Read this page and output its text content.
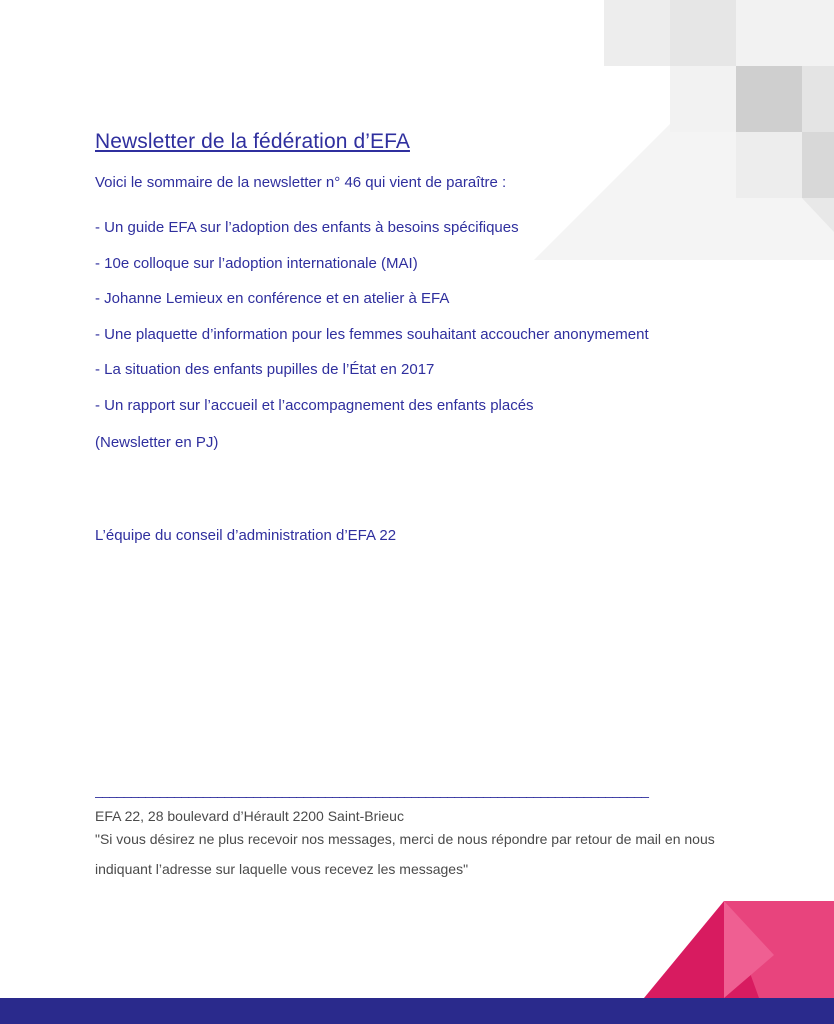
Newsletter de la fédération d’EFA
Voici le sommaire de la newsletter n° 46 qui vient de paraître :
- Un guide EFA sur l’adoption des enfants à besoins spécifiques
- 10e colloque sur l’adoption internationale (MAI)
- Johanne Lemieux en conférence et en atelier à EFA
- Une plaquette d’information pour les femmes souhaitant accoucher anonymement
- La situation des enfants pupilles de l’État en 2017
- Un rapport sur l’accueil et l’accompagnement des enfants placés
(Newsletter en PJ)
L’équipe du conseil d’administration d’EFA 22
_____________________________________________________________________________
EFA 22, 28 boulevard d’Hérault 2200 Saint-Brieuc
"Si vous désirez ne plus recevoir nos messages, merci de nous répondre par retour de mail en nous indiquant l’adresse sur laquelle vous recevez les messages"
